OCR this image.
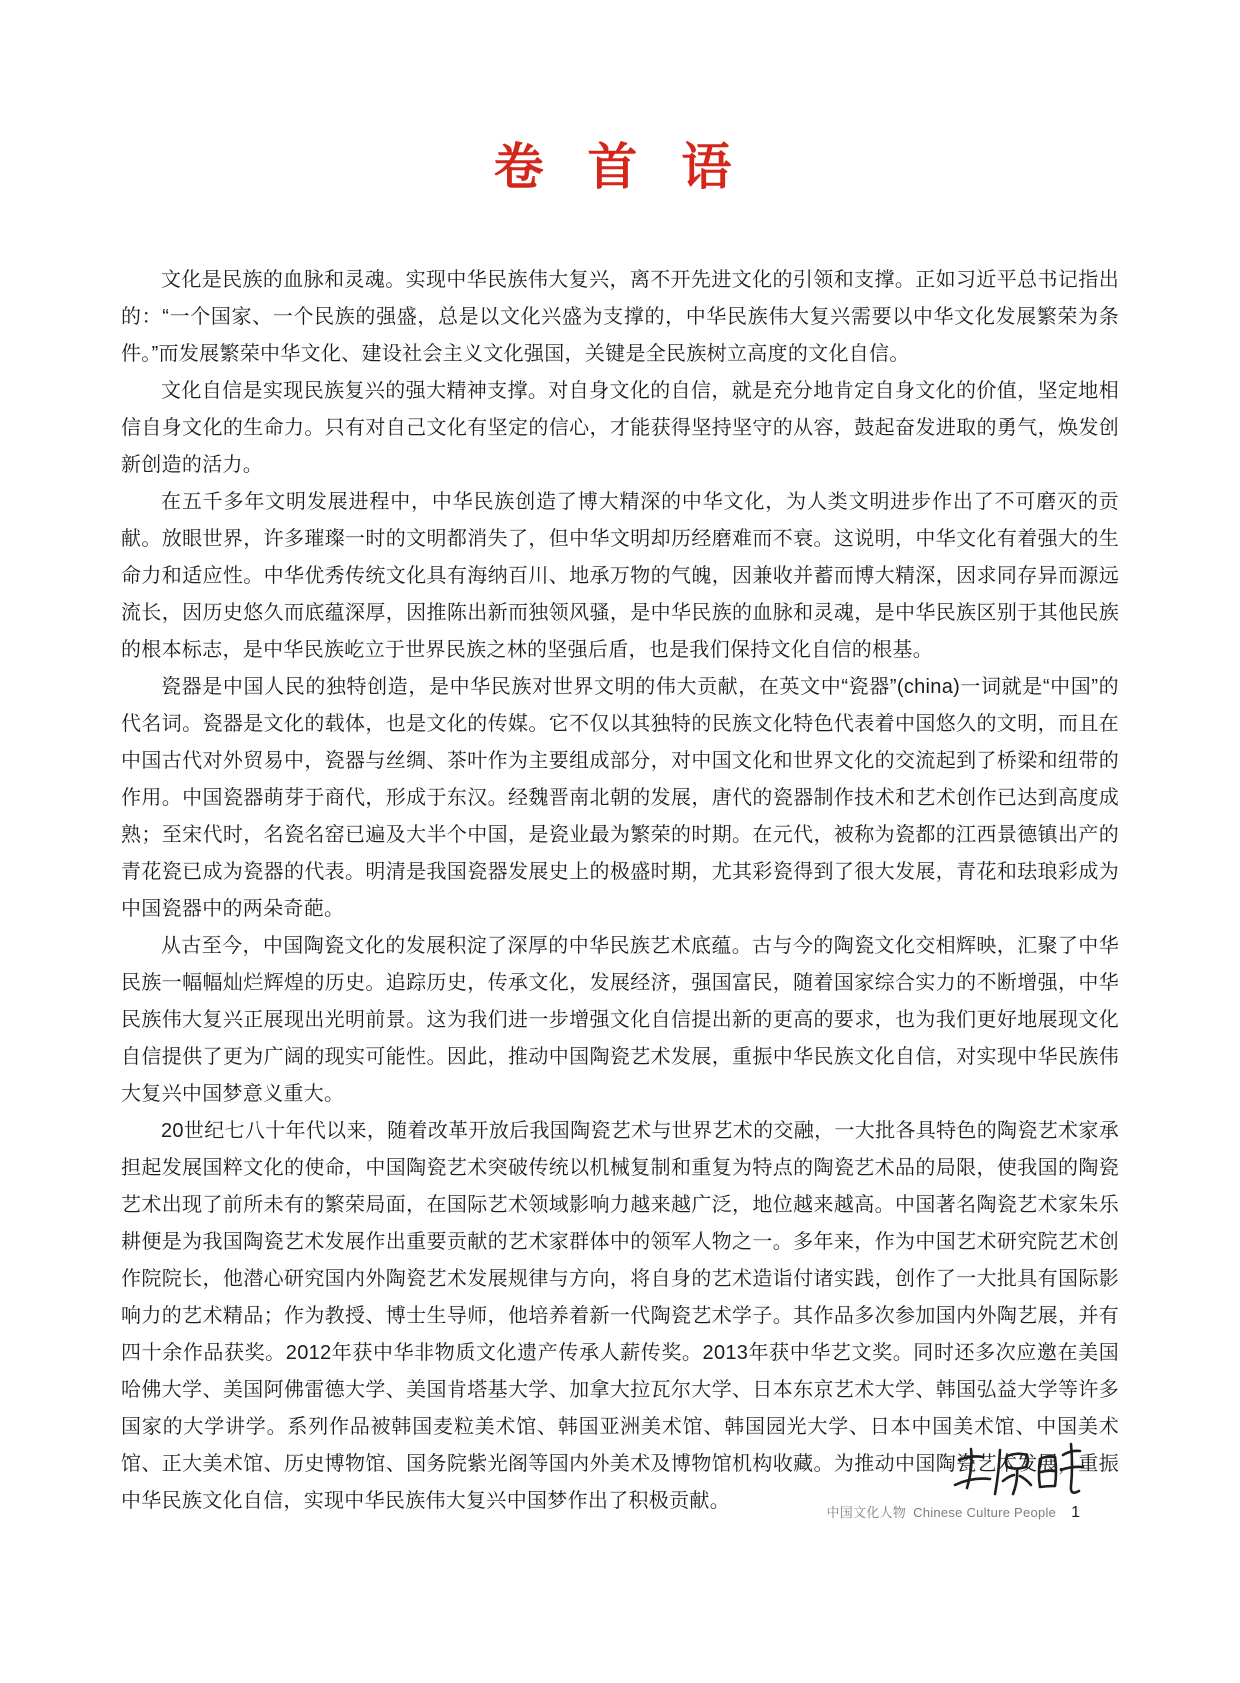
卷 首 语

文化是民族的血脉和灵魂。实现中华民族伟大复兴，离不开先进文化的引领和支撑。正如习近平总书记指出的：“一个国家、一个民族的强盛，总是以文化兴盛为支撑的，中华民族伟大复兴需要以中华文化发展繁荣为条件。”而发展繁荣中华文化、建设社会主义文化强国，关键是全民族树立高度的文化自信。

文化自信是实现民族复兴的强大精神支撑。对自身文化的自信，就是充分地肯定自身文化的价值，坚定地相信自身文化的生命力。只有对自己文化有坚定的信心，才能获得坚持坚守的从容，鼓起奋发进取的勇气，焕发创新创造的活力。

在五千多年文明发展进程中，中华民族创造了博大精深的中华文化，为人类文明进步作出了不可磨灭的贡献。放眼世界，许多璀璨一时的文明都消失了，但中华文明却历经磨难而不衰。这说明，中华文化有着强大的生命力和适应性。中华优秀传统文化具有海纳百川、地承万物的气魄，因兼收并蓄而博大精深，因求同存异而源远流长，因历史悠久而底蕴深厚，因推陈出新而独领风骚，是中华民族的血脉和灵魂，是中华民族区别于其他民族的根本标志，是中华民族屹立于世界民族之林的坚强后盾，也是我们保持文化自信的根基。

瓷器是中国人民的独特创造，是中华民族对世界文明的伟大贡献，在英文中“瓷器”(china)一词就是“中国”的代名词。瓷器是文化的载体，也是文化的传媒。它不仅以其独特的民族文化特色代表着中国悠久的文明，而且在中国古代对外贸易中，瓷器与丝绸、茶叶作为主要组成部分，对中国文化和世界文化的交流起到了桥梁和纽带的作用。中国瓷器萌芽于商代，形成于东汉。经魏晋南北朝的发展，唐代的瓷器制作技术和艺术创作已达到高度成熟；至宋代时，名瓷名窑已遍及大半个中国，是瓷业最为繁荣的时期。在元代，被称为瓷都的江西景德镇出产的青花瓷已成为瓷器的代表。明清是我国瓷器发展史上的极盛时期，尤其彩瓷得到了很大发展，青花和珐琅彩成为中国瓷器中的两朵奇葩。

从古至今，中国陶瓷文化的发展积淀了深厚的中华民族艺术底蕴。古与今的陶瓷文化交相辉映，汇聚了中华民族一幅幅灿烂辉煌的历史。追踪历史，传承文化，发展经济，强国富民，随着国家综合实力的不断增强，中华民族伟大复兴正展现出光明前景。这为我们进一步增强文化自信提出新的更高的要求，也为我们更好地展现文化自信提供了更为广阔的现实可能性。因此，推动中国陶瓷艺术发展，重振中华民族文化自信，对实现中华民族伟大复兴中国梦意义重大。

20世纪七八十年代以来，随着改革开放后我国陶瓷艺术与世界艺术的交融，一大批各具特色的陶瓷艺术家承担起发展国粹文化的使命，中国陶瓷艺术突破传统以机械复制和重复为特点的陶瓷艺术品的局限，使我国的陶瓷艺术出现了前所未有的繁荣局面，在国际艺术领域影响力越来越广泛，地位越来越高。中国著名陶瓷艺术家朱乐耕便是为我国陶瓷艺术发展作出重要贡献的艺术家群体中的领军人物之一。多年来，作为中国艺术研究院艺术创作院院长，他潜心研究国内外陶瓷艺术发展规律与方向，将自身的艺术造诣付诸实践，创作了一大批具有国际影响力的艺术精品；作为教授、博士生导师，他培养着新一代陶瓷艺术学子。其作品多次参加国内外陶艺展，并有四十余作品获奖。2012年获中华非物质文化遗产传承人薪传奖。2013年获中华艺文奖。同时还多次应邀在美国哈佛大学、美国阿佛雷德大学、美国肯塔基大学、加拿大拉瓦尔大学、日本东京艺术大学、韩国弘益大学等许多国家的大学讲学。系列作品被韩国麦粒美术馆、韩国亚洲美术馆、韩国园光大学、日本中国美术馆、中国美术馆、正大美术馆、历史博物馆、国务院紫光阁等国内外美术及博物馆机构收藏。为推动中国陶瓷艺术发展，重振中华民族文化自信，实现中华民族伟大复兴中国梦作出了积极贡献。

中国文化人物 Chinese Culture People 1
